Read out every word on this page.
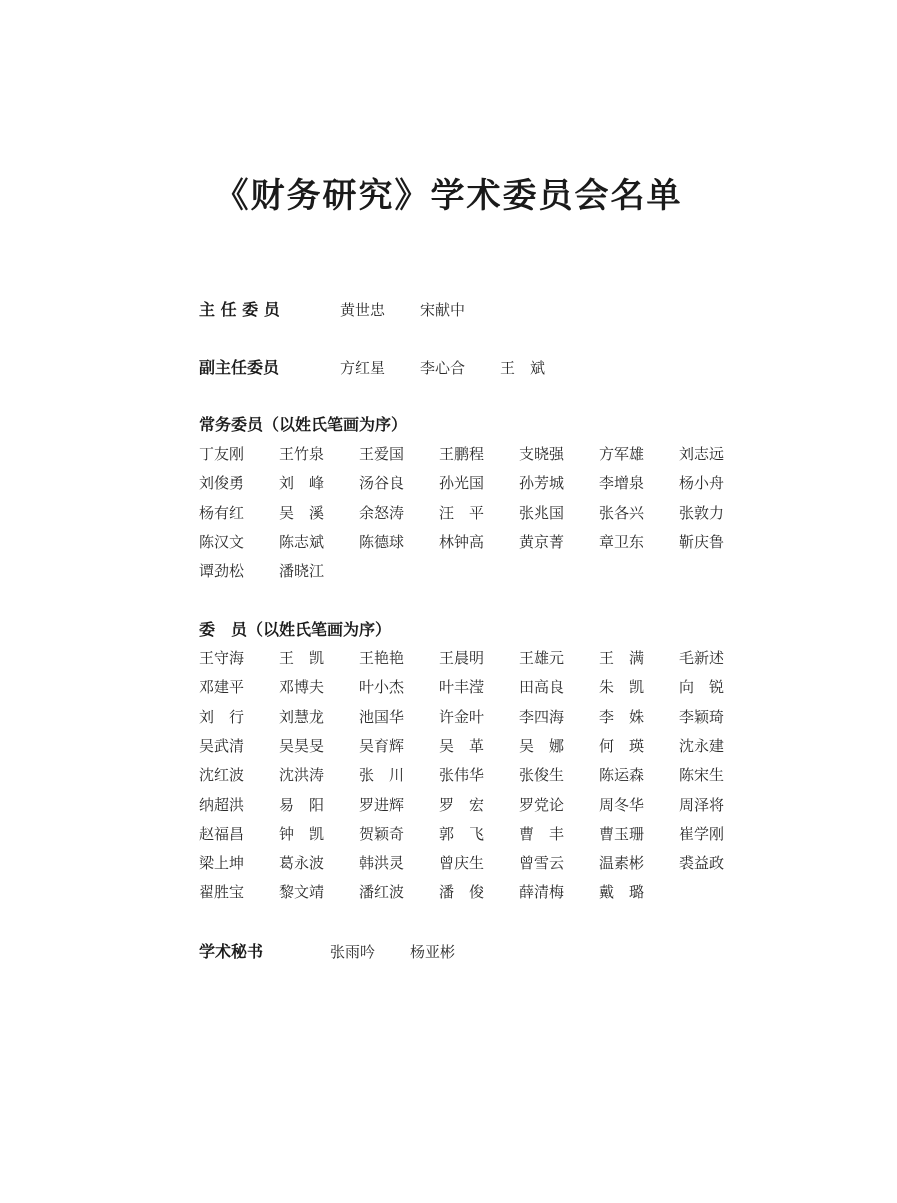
《财务研究》学术委员会名单
主 任 委 员	黄世忠 宋献中
副主任委员	方红星 李心合 王　斌
常务委员（以姓氏笔画为序）
丁友刚 王竹泉 王爱国 王鹏程 支晓强 方军雄 刘志远
刘俊勇 刘　峰 汤谷良 孙光国 孙芳城 李增泉 杨小舟
杨有红 吴　溪 余怒涛 汪　平 张兆国 张各兴 张敦力
陈汉文 陈志斌 陈德球 林钟高 黄京菁 章卫东 靳庆鲁
谭劲松 潘晓江
委　员（以姓氏笔画为序）
王守海 王　凯 王艳艳 王晨明 王雄元 王　满 毛新述
邓建平 邓博夫 叶小杰 叶丰滢 田高良 朱　凯 向　锐
刘　行 刘慧龙 池国华 许金叶 李四海 李　姝 李颖琦
吴武清 吴昊旻 吴育辉 吴　革 吴　娜 何　瑛 沈永建
沈红波 沈洪涛 张　川 张伟华 张俊生 陈运森 陈宋生
纳超洪 易　阳 罗进辉 罗　宏 罗党论 周冬华 周泽将
赵福昌 钟　凯 贺颖奇 郭　飞 曹　丰 曹玉珊 崔学刚
梁上坤 葛永波 韩洪灵 曾庆生 曾雪云 温素彬 裘益政
翟胜宝 黎文靖 潘红波 潘　俊 薛清梅 戴　璐
学术秘书	张雨吟 杨亚彬
